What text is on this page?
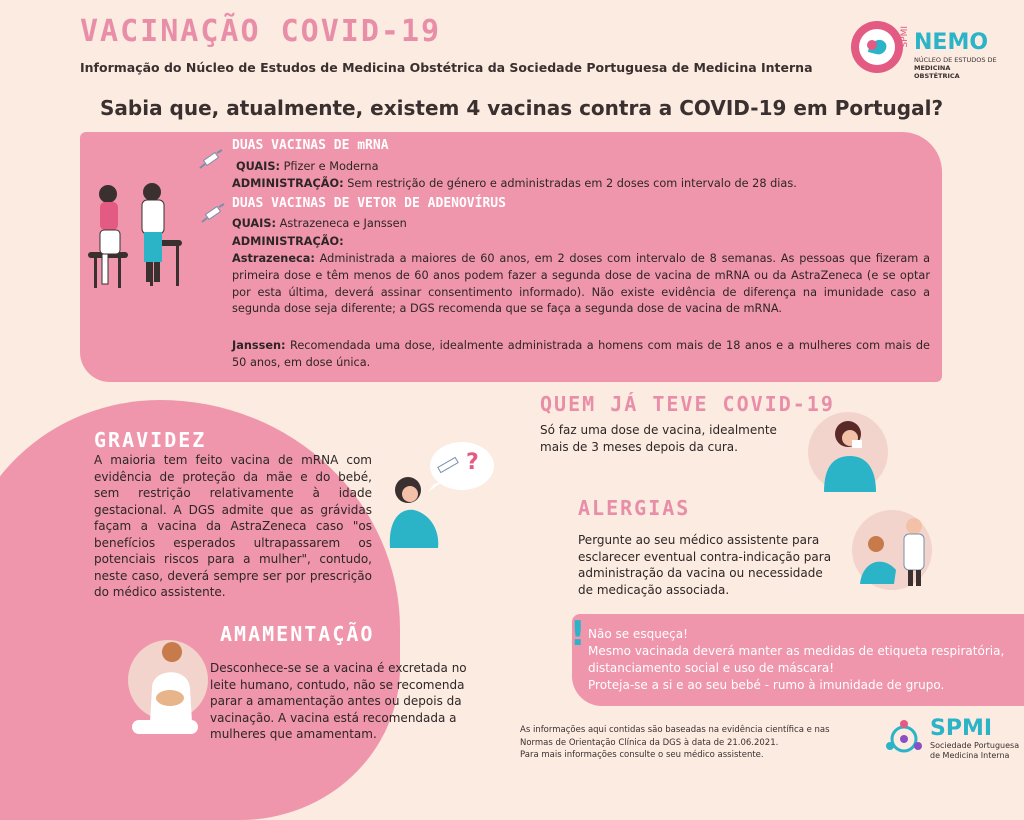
VACINAÇÃO COVID-19
Informação do Núcleo de Estudos de Medicina Obstétrica da Sociedade Portuguesa de Medicina Interna
SPMI NEMO
NÚCLEO DE ESTUDOS DE
MEDICINA OBSTÉTRICA
Sabia que, atualmente, existem 4 vacinas contra a COVID-19 em Portugal?
DUAS VACINAS DE mRNA
QUAIS: Pfizer e Moderna
ADMINISTRAÇÃO: Sem restrição de género e administradas em 2 doses com intervalo de 28 dias.
DUAS VACINAS DE VETOR DE ADENOVÍRUS
QUAIS: Astrazeneca e Janssen
ADMINISTRAÇÃO:
Astrazeneca: Administrada a maiores de 60 anos, em 2 doses com intervalo de 8 semanas. As pessoas que fizeram a primeira dose e têm menos de 60 anos podem fazer a segunda dose de vacina de mRNA ou da AstraZeneca (e se optar por esta última, deverá assinar consentimento informado). Não existe evidência de diferença na imunidade caso a segunda dose seja diferente; a DGS recomenda que se faça a segunda dose de vacina de mRNA.
Janssen: Recomendada uma dose, idealmente administrada a homens com mais de 18 anos e a mulheres com mais de 50 anos, em dose única.
GRAVIDEZ
A maioria tem feito vacina de mRNA com evidência de proteção da mãe e do bebé, sem restrição relativamente à idade gestacional. A DGS admite que as grávidas façam a vacina da AstraZeneca caso "os benefícios esperados ultrapassarem os potenciais riscos para a mulher", contudo, neste caso, deverá sempre ser por prescrição do médico assistente.
?
AMAMENTAÇÃO
Desconhece-se se a vacina é excretada no leite humano, contudo, não se recomenda parar a amamentação antes ou depois da vacinação. A vacina está recomendada a mulheres que amamentam.
QUEM JÁ TEVE COVID-19
Só faz uma dose de vacina, idealmente mais de 3 meses depois da cura.
ALERGIAS
Pergunte ao seu médico assistente para esclarecer eventual contra-indicação para administração da vacina ou necessidade de medicação associada.
! Não se esqueça!
Mesmo vacinada deverá manter as medidas de etiqueta respiratória, distanciamento social e uso de máscara!
Proteja-se a si e ao seu bebé - rumo à imunidade de grupo.
As informações aqui contidas são baseadas na evidência científica e nas
Normas de Orientação Clínica da DGS à data de 21.06.2021.
Para mais informações consulte o seu médico assistente.
SPMI
Sociedade Portuguesa
de Medicina Interna
